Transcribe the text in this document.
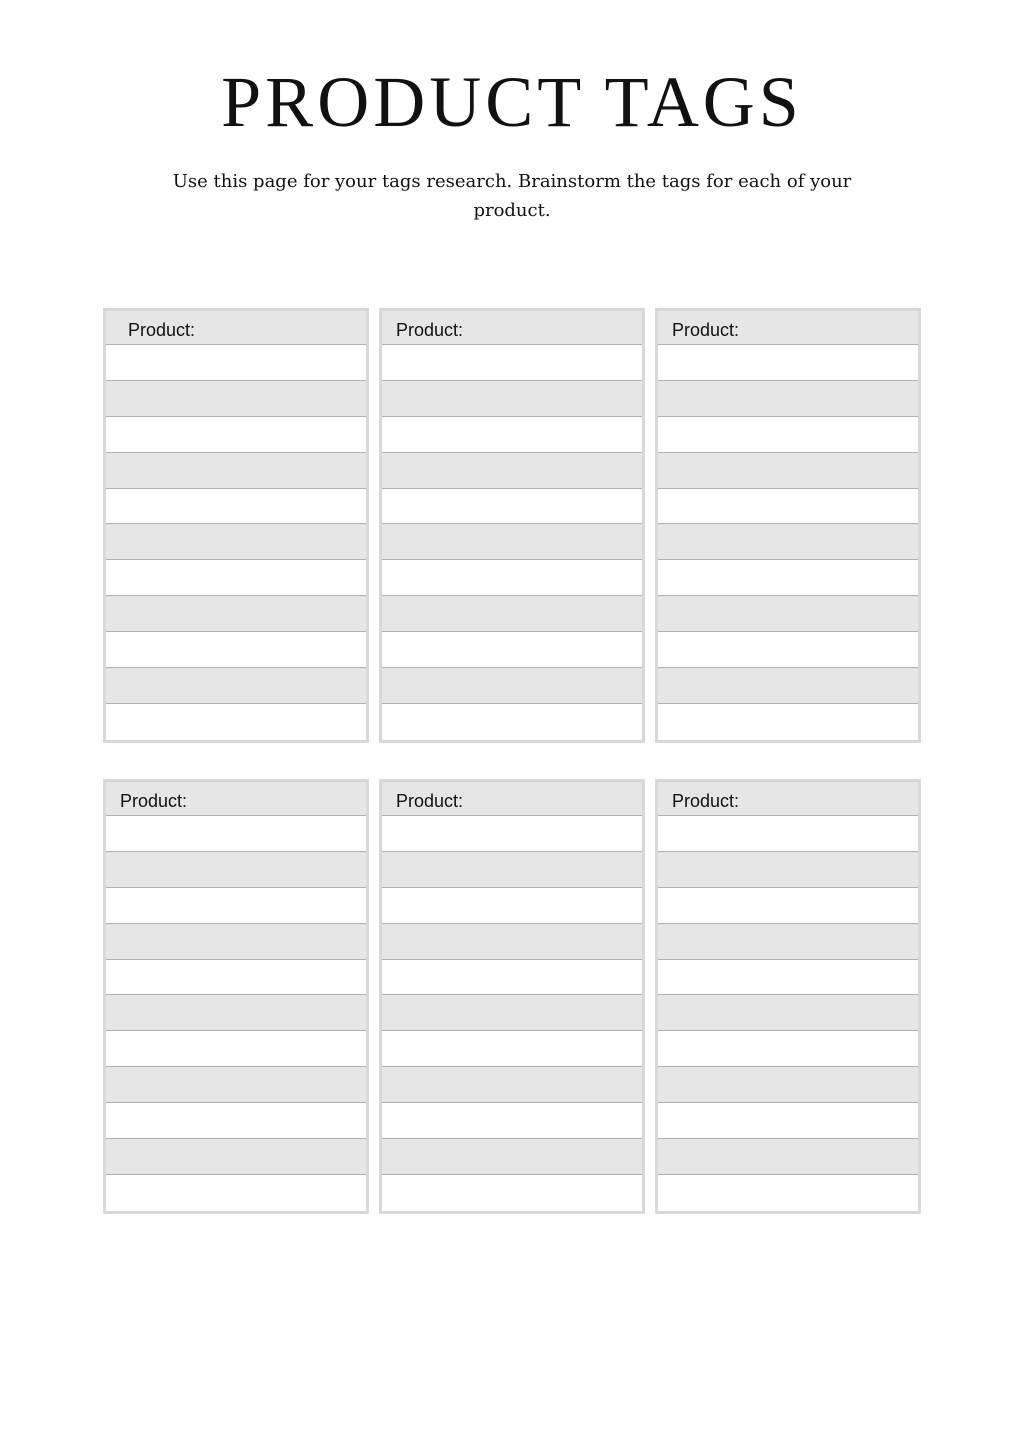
PRODUCT TAGS
Use this page for your tags research. Brainstorm the tags for each of your product.
Product:	Product:	Product:
Product:	Product:	Product:
